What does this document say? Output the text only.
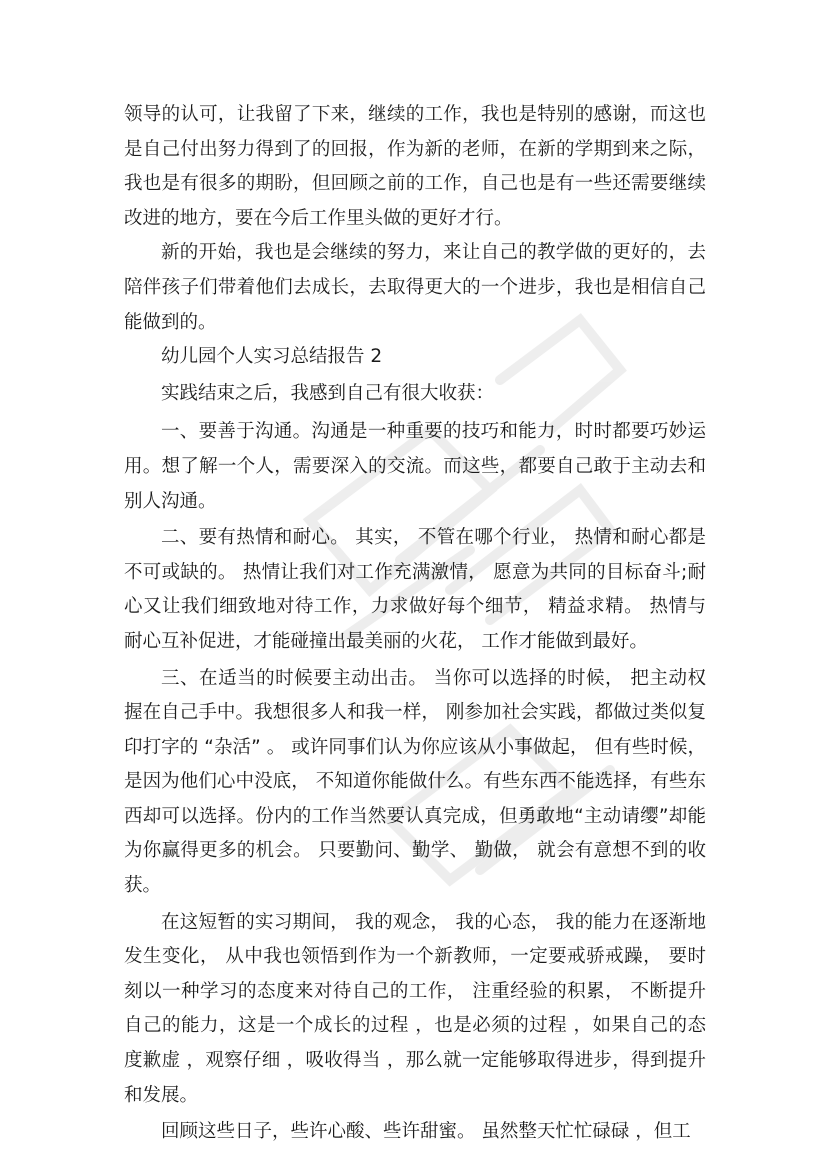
领导的认可，让我留了下来，继续的工作，我也是特别的感谢，而这也是自己付出努力得到了的回报，作为新的老师，在新的学期到来之际，我也是有很多的期盼，但回顾之前的工作，自己也是有一些还需要继续改进的地方，要在今后工作里头做的更好才行。

新的开始，我也是会继续的努力，来让自己的教学做的更好的，去陪伴孩子们带着他们去成长，去取得更大的一个进步，我也是相信自己能做到的。

幼儿园个人实习总结报告 2

实践结束之后，我感到自己有很大收获：

一、要善于沟通。沟通是一种重要的技巧和能力，时时都要巧妙运用。想了解一个人，需要深入的交流。而这些，都要自己敢于主动去和别人沟通。

二、要有热情和耐心。 其实， 不管在哪个行业， 热情和耐心都是不可或缺的。 热情让我们对工作充满激情， 愿意为共同的目标奋斗;耐心又让我们细致地对待工作，力求做好每个细节， 精益求精。 热情与耐心互补促进，才能碰撞出最美丽的火花， 工作才能做到最好。

三、在适当的时候要主动出击。 当你可以选择的时候， 把主动权握在自己手中。我想很多人和我一样， 刚参加社会实践，都做过类似复印打字的 “杂活” 。 或许同事们认为你应该从小事做起， 但有些时候， 是因为他们心中没底， 不知道你能做什么。有些东西不能选择，有些东西却可以选择。份内的工作当然要认真完成，但勇敢地“主动请缨”却能为你赢得更多的机会。 只要勤问、勤学、 勤做， 就会有意想不到的收获。

在这短暂的实习期间， 我的观念， 我的心态， 我的能力在逐渐地发生变化， 从中我也领悟到作为一个新教师，一定要戒骄戒躁， 要时刻以一种学习的态度来对待自己的工作， 注重经验的积累， 不断提升自己的能力，这是一个成长的过程 ，也是必须的过程 ，如果自己的态度歉虚 ，观察仔细 ，吸收得当 ，那么就一定能够取得进步，得到提升和发展。

回顾这些日子，些许心酸、些许甜蜜。 虽然整天忙忙碌碌 ，但工
